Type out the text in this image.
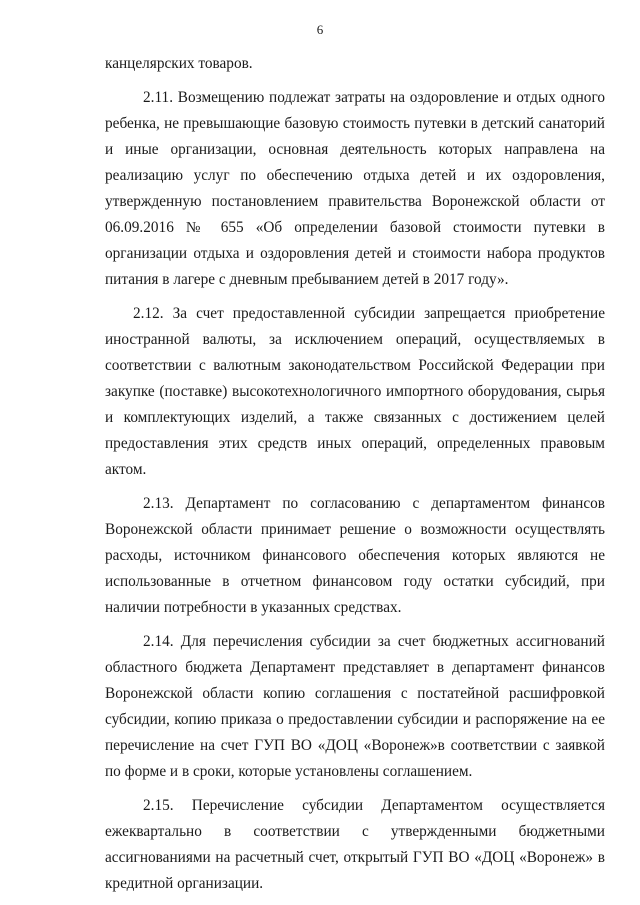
6

канцелярских товаров.

2.11. Возмещению подлежат затраты на оздоровление и отдых одного ребенка, не превышающие базовую стоимость путевки в детский санаторий и иные организации, основная деятельность которых направлена на реализацию услуг по обеспечению отдыха детей и их оздоровления, утвержденную постановлением правительства Воронежской области от 06.09.2016 № 655 «Об определении базовой стоимости путевки в организации отдыха и оздоровления детей и стоимости набора продуктов питания в лагере с дневным пребыванием детей в 2017 году».

2.12. За счет предоставленной субсидии запрещается приобретение иностранной валюты, за исключением операций, осуществляемых в соответствии с валютным законодательством Российской Федерации при закупке (поставке) высокотехнологичного импортного оборудования, сырья и комплектующих изделий, а также связанных с достижением целей предоставления этих средств иных операций, определенных правовым актом.

2.13. Департамент по согласованию с департаментом финансов Воронежской области принимает решение о возможности осуществлять расходы, источником финансового обеспечения которых являются не использованные в отчетном финансовом году остатки субсидий, при наличии потребности в указанных средствах.

2.14. Для перечисления субсидии за счет бюджетных ассигнований областного бюджета Департамент представляет в департамент финансов Воронежской области копию соглашения с постатейной расшифровкой субсидии, копию приказа о предоставлении субсидии и распоряжение на ее перечисление на счет ГУП ВО «ДОЦ «Воронеж»в соответствии с заявкой по форме и в сроки, которые установлены соглашением.

2.15. Перечисление субсидии Департаментом осуществляется ежеквартально в соответствии с утвержденными бюджетными ассигнованиями на расчетный счет, открытый ГУП ВО «ДОЦ «Воронеж» в кредитной организации.
